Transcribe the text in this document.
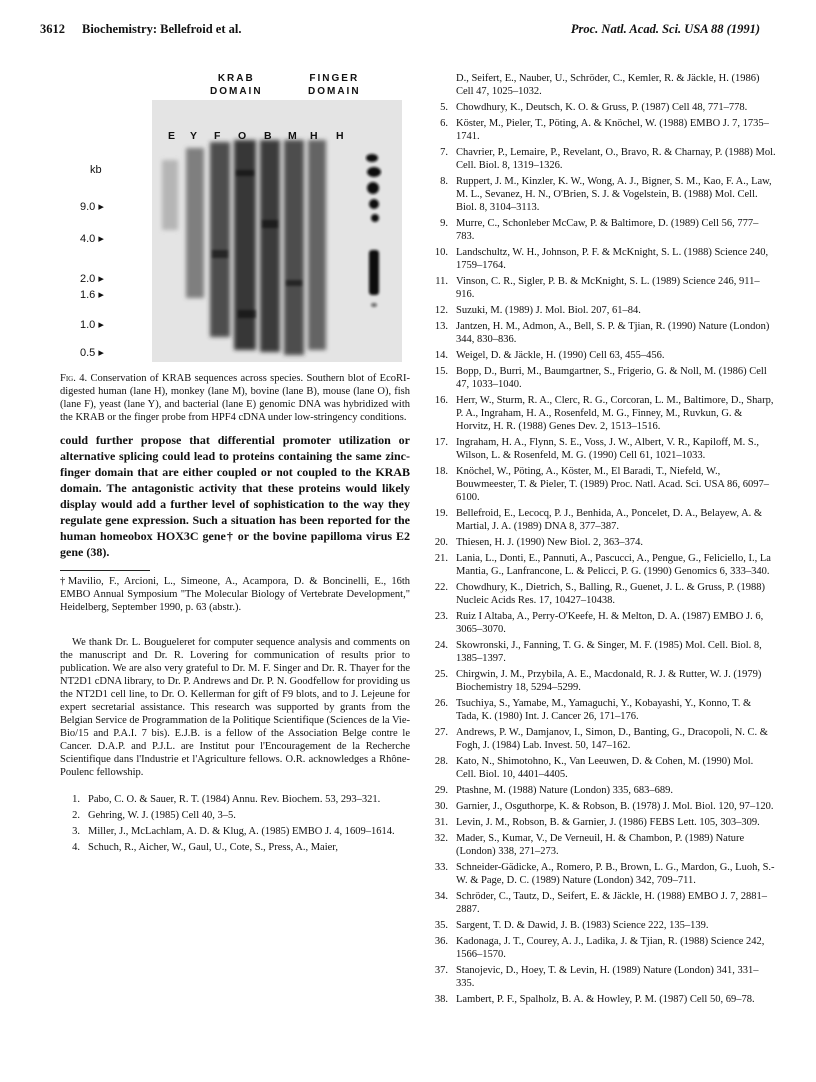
3612 Biochemistry: Bellefroid et al.	Proc. Natl. Acad. Sci. USA 88 (1991)
KRAB
DOMAIN
FINGER
DOMAIN
E Y F O B M H H
kb
9.0 ▸
4.0 ▸
2.0 ▸
1.6 ▸
1.0 ▸
0.5 ▸
Fig. 4. Conservation of KRAB sequences across species. Southern blot of EcoRI-digested human (lane H), monkey (lane M), bovine (lane B), mouse (lane O), fish (lane F), yeast (lane Y), and bacterial (lane E) genomic DNA was hybridized with the KRAB or the finger probe from HPF4 cDNA under low-stringency conditions.
could further propose that differential promoter utilization or alternative splicing could lead to proteins containing the same zinc-finger domain that are either coupled or not coupled to the KRAB domain. The antagonistic activity that these proteins would likely display would add a further level of sophistication to the way they regulate gene expression. Such a situation has been reported for the human homeobox HOX3C gene† or the bovine papilloma virus E2 gene (38).
†Mavilio, F., Arcioni, L., Simeone, A., Acampora, D. & Boncinelli, E., 16th EMBO Annual Symposium "The Molecular Biology of Vertebrate Development," Heidelberg, September 1990, p. 63 (abstr.).
We thank Dr. L. Bougueleret for computer sequence analysis and comments on the manuscript and Dr. R. Lovering for communication of results prior to publication. We are also very grateful to Dr. M. F. Singer and Dr. R. Thayer for the NT2D1 cDNA library, to Dr. P. Andrews and Dr. P. N. Goodfellow for providing us the NT2D1 cell line, to Dr. O. Kellerman for gift of F9 blots, and to J. Lejeune for expert secretarial assistance. This research was supported by grants from the Belgian Service de Programmation de la Politique Scientifique (Sciences de la Vie-Bio/15 and P.A.I. 7 bis). E.J.B. is a fellow of the Association Belge contre le Cancer. D.A.P. and P.J.L. are Institut pour l'Encouragement de la Recherche Scientifique dans l'Industrie et l'Agriculture fellows. O.R. acknowledges a Rhône-Poulenc fellowship.
1. Pabo, C. O. & Sauer, R. T. (1984) Annu. Rev. Biochem. 53, 293–321.
2. Gehring, W. J. (1985) Cell 40, 3–5.
3. Miller, J., McLachlam, A. D. & Klug, A. (1985) EMBO J. 4, 1609–1614.
4. Schuch, R., Aicher, W., Gaul, U., Cote, S., Press, A., Maier,
D., Seifert, E., Nauber, U., Schröder, C., Kemler, R. & Jäckle, H. (1986) Cell 47, 1025–1032.
5. Chowdhury, K., Deutsch, K. O. & Gruss, P. (1987) Cell 48, 771–778.
6. Köster, M., Pieler, T., Pöting, A. & Knöchel, W. (1988) EMBO J. 7, 1735–1741.
7. Chavrier, P., Lemaire, P., Revelant, O., Bravo, R. & Charnay, P. (1988) Mol. Cell. Biol. 8, 1319–1326.
8. Ruppert, J. M., Kinzler, K. W., Wong, A. J., Bigner, S. M., Kao, F. A., Law, M. L., Sevanez, H. N., O'Brien, S. J. & Vogelstein, B. (1988) Mol. Cell. Biol. 8, 3104–3113.
9. Murre, C., Schonleber McCaw, P. & Baltimore, D. (1989) Cell 56, 777–783.
10. Landschultz, W. H., Johnson, P. F. & McKnight, S. L. (1988) Science 240, 1759–1764.
11. Vinson, C. R., Sigler, P. B. & McKnight, S. L. (1989) Science 246, 911–916.
12. Suzuki, M. (1989) J. Mol. Biol. 207, 61–84.
13. Jantzen, H. M., Admon, A., Bell, S. P. & Tjian, R. (1990) Nature (London) 344, 830–836.
14. Weigel, D. & Jäckle, H. (1990) Cell 63, 455–456.
15. Bopp, D., Burri, M., Baumgartner, S., Frigerio, G. & Noll, M. (1986) Cell 47, 1033–1040.
16. Herr, W., Sturm, R. A., Clerc, R. G., Corcoran, L. M., Baltimore, D., Sharp, P. A., Ingraham, H. A., Rosenfeld, M. G., Finney, M., Ruvkun, G. & Horvitz, H. R. (1988) Genes Dev. 2, 1513–1516.
17. Ingraham, H. A., Flynn, S. E., Voss, J. W., Albert, V. R., Kapiloff, M. S., Wilson, L. & Rosenfeld, M. G. (1990) Cell 61, 1021–1033.
18. Knöchel, W., Pöting, A., Köster, M., El Baradi, T., Niefeld, W., Bouwmeester, T. & Pieler, T. (1989) Proc. Natl. Acad. Sci. USA 86, 6097–6100.
19. Bellefroid, E., Lecocq, P. J., Benhida, A., Poncelet, D. A., Belayew, A. & Martial, J. A. (1989) DNA 8, 377–387.
20. Thiesen, H. J. (1990) New Biol. 2, 363–374.
21. Lania, L., Donti, E., Pannuti, A., Pascucci, A., Pengue, G., Feliciello, I., La Mantia, G., Lanfrancone, L. & Pelicci, P. G. (1990) Genomics 6, 333–340.
22. Chowdhury, K., Dietrich, S., Balling, R., Guenet, J. L. & Gruss, P. (1988) Nucleic Acids Res. 17, 10427–10438.
23. Ruiz I Altaba, A., Perry-O'Keefe, H. & Melton, D. A. (1987) EMBO J. 6, 3065–3070.
24. Skowronski, J., Fanning, T. G. & Singer, M. F. (1985) Mol. Cell. Biol. 8, 1385–1397.
25. Chirgwin, J. M., Przybila, A. E., Macdonald, R. J. & Rutter, W. J. (1979) Biochemistry 18, 5294–5299.
26. Tsuchiya, S., Yamabe, M., Yamaguchi, Y., Kobayashi, Y., Konno, T. & Tada, K. (1980) Int. J. Cancer 26, 171–176.
27. Andrews, P. W., Damjanov, I., Simon, D., Banting, G., Dracopoli, N. C. & Fogh, J. (1984) Lab. Invest. 50, 147–162.
28. Kato, N., Shimotohno, K., Van Leeuwen, D. & Cohen, M. (1990) Mol. Cell. Biol. 10, 4401–4405.
29. Ptashne, M. (1988) Nature (London) 335, 683–689.
30. Garnier, J., Osguthorpe, K. & Robson, B. (1978) J. Mol. Biol. 120, 97–120.
31. Levin, J. M., Robson, B. & Garnier, J. (1986) FEBS Lett. 105, 303–309.
32. Mader, S., Kumar, V., De Verneuil, H. & Chambon, P. (1989) Nature (London) 338, 271–273.
33. Schneider-Gädicke, A., Romero, P. B., Brown, L. G., Mardon, G., Luoh, S.-W. & Page, D. C. (1989) Nature (London) 342, 709–711.
34. Schröder, C., Tautz, D., Seifert, E. & Jäckle, H. (1988) EMBO J. 7, 2881–2887.
35. Sargent, T. D. & Dawid, J. B. (1983) Science 222, 135–139.
36. Kadonaga, J. T., Courey, A. J., Ladika, J. & Tjian, R. (1988) Science 242, 1566–1570.
37. Stanojevic, D., Hoey, T. & Levin, H. (1989) Nature (London) 341, 331–335.
38. Lambert, P. F., Spalholz, B. A. & Howley, P. M. (1987) Cell 50, 69–78.
